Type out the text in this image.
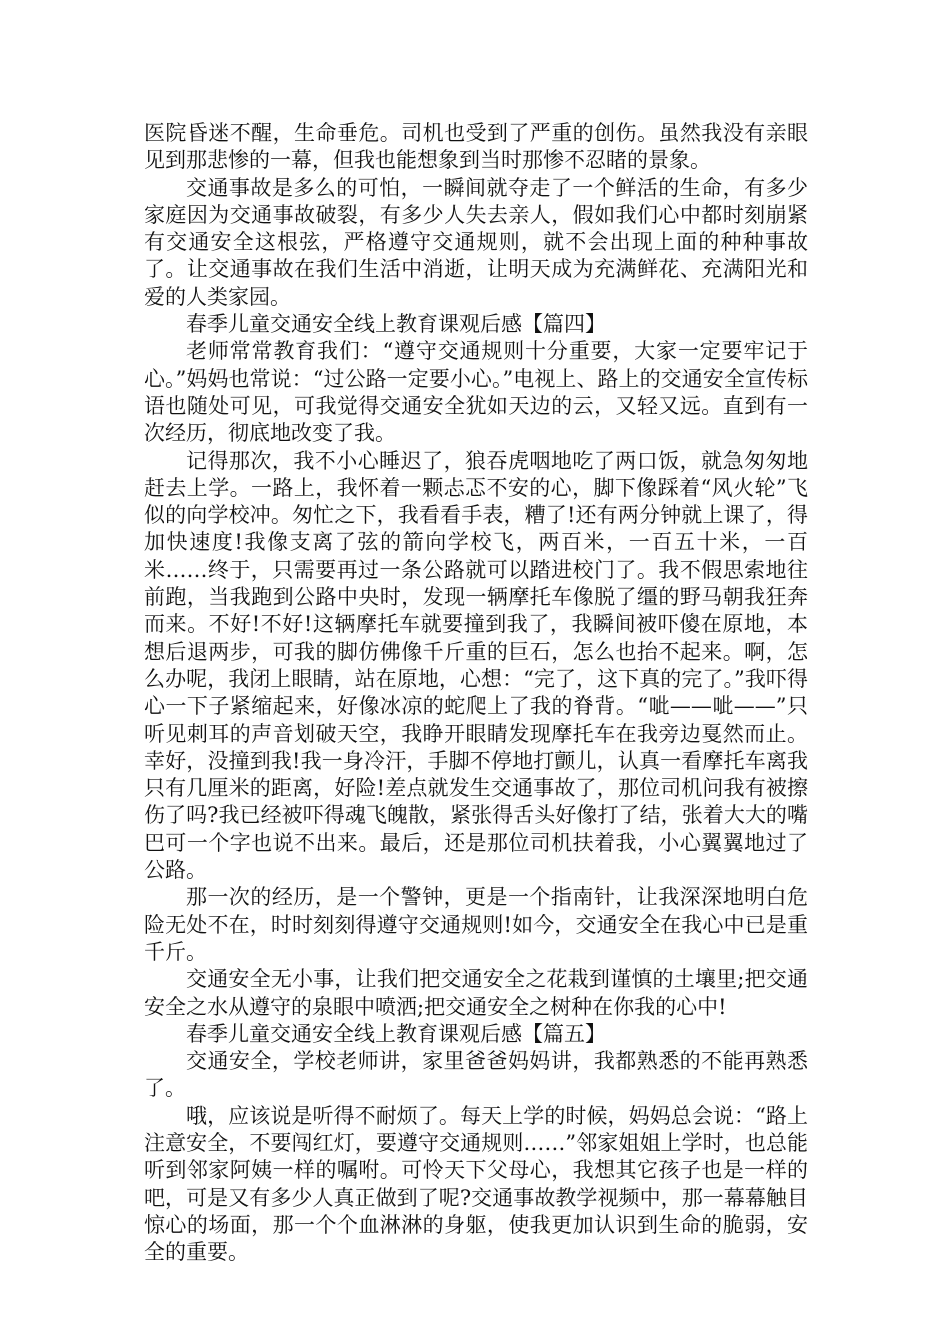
医院昏迷不醒，生命垂危。司机也受到了严重的创伤。虽然我没有亲眼见到那悲惨的一幕，但我也能想象到当时那惨不忍睹的景象。

交通事故是多么的可怕，一瞬间就夺走了一个鲜活的生命，有多少家庭因为交通事故破裂，有多少人失去亲人，假如我们心中都时刻崩紧有交通安全这根弦，严格遵守交通规则，就不会出现上面的种种事故了。让交通事故在我们生活中消逝，让明天成为充满鲜花、充满阳光和爱的人类家园。

春季儿童交通安全线上教育课观后感【篇四】

老师常常教育我们：“遵守交通规则十分重要，大家一定要牢记于心。”妈妈也常说：“过公路一定要小心。”电视上、路上的交通安全宣传标语也随处可见，可我觉得交通安全犹如天边的云，又轻又远。直到有一次经历，彻底地改变了我。

记得那次，我不小心睡迟了，狼吞虎咽地吃了两口饭，就急匆匆地赶去上学。一路上，我怀着一颗忐忑不安的心，脚下像踩着“风火轮”飞似的向学校冲。匆忙之下，我看看手表，糟了!还有两分钟就上课了，得加快速度!我像支离了弦的箭向学校飞，两百米，一百五十米，一百米……终于，只需要再过一条公路就可以踏进校门了。我不假思索地往前跑，当我跑到公路中央时，发现一辆摩托车像脱了缰的野马朝我狂奔而来。不好!不好!这辆摩托车就要撞到我了，我瞬间被吓傻在原地，本想后退两步，可我的脚仿佛像千斤重的巨石，怎么也抬不起来。啊，怎么办呢，我闭上眼睛，站在原地，心想：“完了，这下真的完了。”我吓得心一下子紧缩起来，好像冰凉的蛇爬上了我的脊背。“呲——呲——”只听见刺耳的声音划破天空，我睁开眼睛发现摩托车在我旁边戛然而止。幸好，没撞到我!我一身冷汗，手脚不停地打颤儿，认真一看摩托车离我只有几厘米的距离，好险!差点就发生交通事故了，那位司机问我有被擦伤了吗?我已经被吓得魂飞魄散，紧张得舌头好像打了结，张着大大的嘴巴可一个字也说不出来。最后，还是那位司机扶着我，小心翼翼地过了公路。

那一次的经历，是一个警钟，更是一个指南针，让我深深地明白危险无处不在，时时刻刻得遵守交通规则!如今，交通安全在我心中已是重千斤。

交通安全无小事，让我们把交通安全之花栽到谨慎的土壤里;把交通安全之水从遵守的泉眼中喷洒;把交通安全之树种在你我的心中!

春季儿童交通安全线上教育课观后感【篇五】

交通安全，学校老师讲，家里爸爸妈妈讲，我都熟悉的不能再熟悉了。

哦，应该说是听得不耐烦了。每天上学的时候，妈妈总会说：“路上注意安全，不要闯红灯，要遵守交通规则……”邻家姐姐上学时，也总能听到邻家阿姨一样的嘱咐。可怜天下父母心，我想其它孩子也是一样的吧，可是又有多少人真正做到了呢?交通事故教学视频中，那一幕幕触目惊心的场面，那一个个血淋淋的身躯，使我更加认识到生命的脆弱，安全的重要。
